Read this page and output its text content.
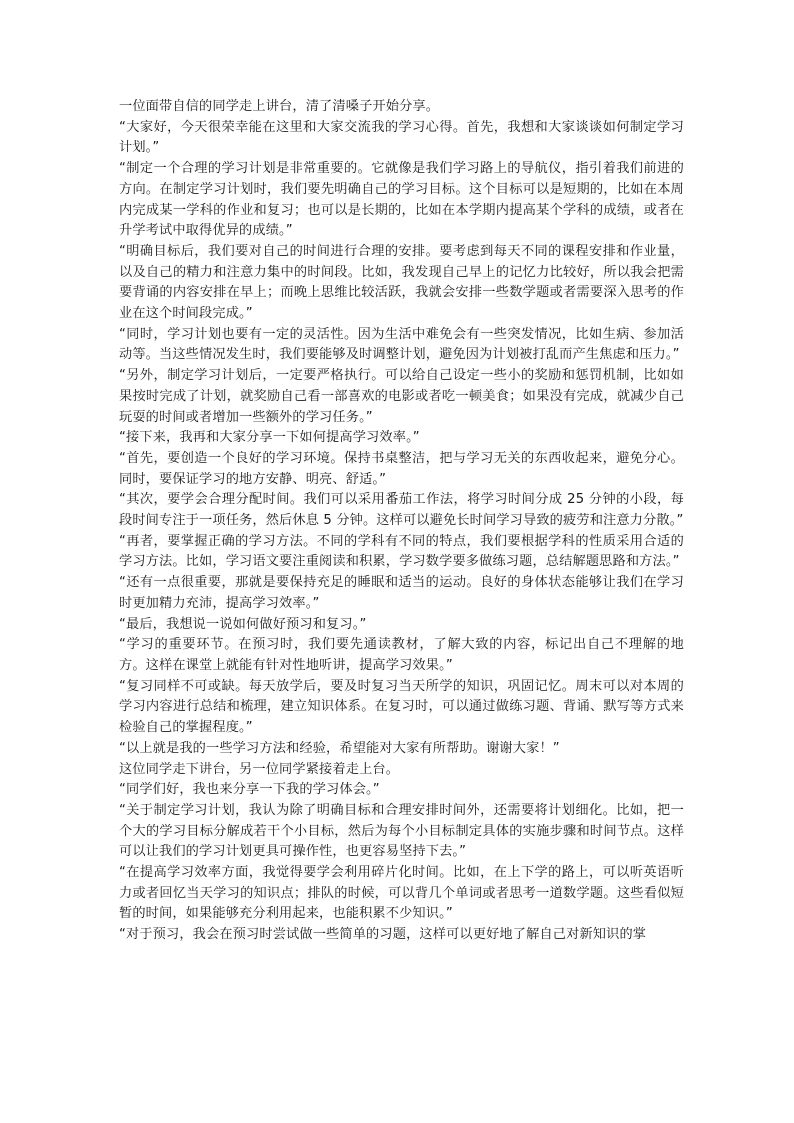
一位面带自信的同学走上讲台，清了清嗓子开始分享。

“大家好，今天很荣幸能在这里和大家交流我的学习心得。首先，我想和大家谈谈如何制定学习计划。”

“制定一个合理的学习计划是非常重要的。它就像是我们学习路上的导航仪，指引着我们前进的方向。在制定学习计划时，我们要先明确自己的学习目标。这个目标可以是短期的，比如在本周内完成某一学科的作业和复习；也可以是长期的，比如在本学期内提高某个学科的成绩，或者在升学考试中取得优异的成绩。”

“明确目标后，我们要对自己的时间进行合理的安排。要考虑到每天不同的课程安排和作业量，以及自己的精力和注意力集中的时间段。比如，我发现自己早上的记忆力比较好，所以我会把需要背诵的内容安排在早上；而晚上思维比较活跃，我就会安排一些数学题或者需要深入思考的作业在这个时间段完成。”

“同时，学习计划也要有一定的灵活性。因为生活中难免会有一些突发情况，比如生病、参加活动等。当这些情况发生时，我们要能够及时调整计划，避免因为计划被打乱而产生焦虑和压力。”

“另外，制定学习计划后，一定要严格执行。可以给自己设定一些小的奖励和惩罚机制，比如如果按时完成了计划，就奖励自己看一部喜欢的电影或者吃一顿美食；如果没有完成，就减少自己玩耍的时间或者增加一些额外的学习任务。”

“接下来，我再和大家分享一下如何提高学习效率。”

“首先，要创造一个良好的学习环境。保持书桌整洁，把与学习无关的东西收起来，避免分心。同时，要保证学习的地方安静、明亮、舒适。”

“其次，要学会合理分配时间。我们可以采用番茄工作法，将学习时间分成 25 分钟的小段，每段时间专注于一项任务，然后休息 5 分钟。这样可以避免长时间学习导致的疲劳和注意力分散。”

“再者，要掌握正确的学习方法。不同的学科有不同的特点，我们要根据学科的性质采用合适的学习方法。比如，学习语文要注重阅读和积累，学习数学要多做练习题，总结解题思路和方法。”

“还有一点很重要，那就是要保持充足的睡眠和适当的运动。良好的身体状态能够让我们在学习时更加精力充沛，提高学习效率。”

“最后，我想说一说如何做好预习和复习。”

“学习的重要环节。在预习时，我们要先通读教材，了解大致的内容，标记出自己不理解的地方。这样在课堂上就能有针对性地听讲，提高学习效果。”

“复习同样不可或缺。每天放学后，要及时复习当天所学的知识，巩固记忆。周末可以对本周的学习内容进行总结和梳理，建立知识体系。在复习时，可以通过做练习题、背诵、默写等方式来检验自己的掌握程度。”

“以上就是我的一些学习方法和经验，希望能对大家有所帮助。谢谢大家！”

这位同学走下讲台，另一位同学紧接着走上台。

“同学们好，我也来分享一下我的学习体会。”

“关于制定学习计划，我认为除了明确目标和合理安排时间外，还需要将计划细化。比如，把一个大的学习目标分解成若干个小目标，然后为每个小目标制定具体的实施步骤和时间节点。这样可以让我们的学习计划更具可操作性，也更容易坚持下去。”

“在提高学习效率方面，我觉得要学会利用碎片化时间。比如，在上下学的路上，可以听英语听力或者回忆当天学习的知识点；排队的时候，可以背几个单词或者思考一道数学题。这些看似短暂的时间，如果能够充分利用起来，也能积累不少知识。”

“对于预习，我会在预习时尝试做一些简单的习题，这样可以更好地了解自己对新知识的掌
